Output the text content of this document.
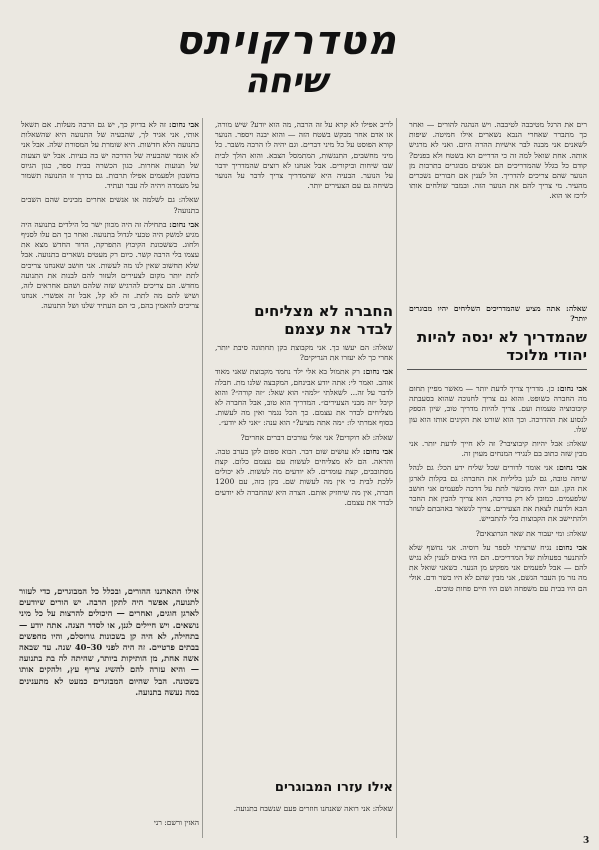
מטדרקויתס
שיחה

רים את הרגל מטיבבה לטיבבה. ויש הנהגה להורים — ואחר כך מתברר שאחרי הנבא נשארים אילו חמיטה. שיפות לשאנים אני מבנה לבר אישיות ההרה היום. ואני לא מרגיש אותה. אחת שואל למה זה כי הדריים הא בשטח ולא בפנים? קודם כל בגלל שהמדריכים הם אנשים מבוגרים בתרבות מן הנוער שהם צריכים להדריך. הל לענין אם חבורים נשכרים מהעיר. מי צריך להם את הנוער הזה. ובמבר שולחים אותו לרכז או הוא.

שאלה: אתה מציע שהמדריכים השליחים יהיו מבוגרים יותר?

שהמדריך לא ינסה להיות יהודי מלוכד

אבי נחום: כן. מדריך צריך לדעת יותר — מאשר מפיין תחום מה החברה כשופט. והוא גם צריך לחנוכה שהוא בסעבתה קיבובוציה טעמות ועם. צריך להיות מדריך טוב, שיון הספק לנסוע את ההדרכה. וכך הוא שורט את הקינים אותו הוא עון שלו.

שאלה: אבל יהיות קיבוציבר? זה לא חייך לדעת יותר. אני מבין שזה כתוב בם לנגידי המנחים מעוין זה.

אבי נחום: אני אומר לדורים שכל שליח ידע הכל: גם לנהל שיחה טובה, גם לנגן בליליות את החברה: גם בקלות לארגן את הקן. וגם יהיה מוכשר לתת על דרכה לפעמים אני חושב שלפעמים. כמובן לא רק בדרכה, הוא צריך להבין את החבר הבא ולדעת לצאת את הצעירים. צריך לנשאר באהבתם לעוזר ולהתיישב את הקבוצות בלי להתבייש.

שאלה: ומי יעבור את שאר הגרוצאים?

אבי נחום: נגיח שרציתי לספר על רוסיה. אני נחשף שלא להתנער בפעולות של המדריכים. הם היו באים לענין לא נגיש להם — אבל לפעמים אני מפקיע מן הנער. כשאני שואל את מה נזר מן העבר הגשם, אני מבין שהם לא היו בשר ודם. אולי הם היו בבית עם משפחה ושם היו חיים פחות טובים.

לריב אפילו לא קרא על זה הרבה, מה הוא יודע? שיש מורה, או אדם אחר מבקש בשטח הזה — והוא יבנה ויספר. הנוער קורא הפוסט על כל מיני דברים. וגם יהיה לו הרבה משבר. כל מיני מחשבים, התנגשות, המתמסל הצבא. והוא הולך לבית שבו שיחות וביקורים. אבל אנחנו לא רוצים שהמדריך ידבר על הנוער. הבעיה היא שהמדריך צריך לדבר על הנוער בשיחה גם עם הצעירים יותר.

החברה לא מצליחים לבדר את עצמם

שאלה: הם יעשו כך. אני מקבוצת בקן תחתונה סיבת יותר, אחרי כך לא יעזרו את הנריקים?

אבי נחום: רק אתמול בא אלי ילד נחמד מקבוצת שאני מאוד אוהב. ואמר לי: אתה יודע אבינחם, המקבצה שלנו מת. חבלה לדבר על זה... לשאלתי ״למה״ הוא שאל: ״זה קורה״? והוא קיבל ״זה מבני הצעירים״. המדריך הוא טוב, אבל החברה לא מצליחים לבדר את עצמם. כך הכל נגמר ואין מה לעשות. בסוף אמרתי לו: ״מה אתה מציע?״ הוא ענה: ״אני לא יודע״.

שאלה: לא רוקדים? אני אולי עורכים דברים אחרים?

אבי נחום: לא עושים שום דבר. הבוא ספום לקן בערב טבה. והראה. הם לא מצליחים לעשות עם עצמם כלום. קצת מסתובבים, קצת עומדים. לא יודעים מה לעשות. לא יכולים ללכת לבית כי אין מה לעשות שם. בקן כזה, עם 1200 חברה, אין מה שיחזיק אותם. הצרה היא שהחברה לא יודעים לבדר את עצמם.

אילו עזרו המבוגרים

שאלה: אני רואה שאנחנו חוזרים פעם שנשבח בתנועה.

אבי נחום: זה לא בדיוק כך, יש גם הרבה מעלות. אם תשאל אותי, אני אגיד לך, שהבעיה של התנועה היא שהשאלות בתנועה הלא חדשות. היא שומרת על המסורת שלה. אבל אני לא אומר שהבעיה של הדרכה יש בה בעיות. אבל יש הצעות של תנועות אחרות. כגון הכשרה בבית ספר, כגון הגיוס בחשבון ולפעמים אפילו תרבות. גם בדרך זו התנועה תשמור על מעמדה ויהיה לה עבר ועתיד.

שאלה: גם לשלמה או אנשים אחרים מבינים שהם השבים בתנועה?

אבי נחום: בתחילה זה היה מכוון ישר כל הילדים בתנועה היה מגיע למשק היה טבעי לגדול בתנועה. ואחר כך הם עלו לסניף ולחוג. כששכונת הקיבוץ התפרקה, הדור החדש מצא את עצמו בלי הרבה קשר. כיום רק מעטים נשארים בתנועה. אבל שלא תחשוב שאין לנו מה לעשות. אני חושב שאנחנו צריכים לתת יותר מקום לצעירים ולעזור להם לבנות את התנועה מחדש. הם צריכים להרגיש שזה שלהם ושהם אחראים לזה, ושיש להם מה לתת. זה לא קל, אבל זה אפשרי. אנחנו צריכים להאמין בהם, כי הם העתיד שלנו ושל התנועה.

אילו התארגנו ההורים, ובכלל כל המבוגרים, כדי לעזור לתנועה, אפשר היה לתקן הרבה. יש הורים שיודעים לארגן חוגים, ואחרים — היכולים להרצות על כל מיני נושאים. ויש חיילים לגנן, או לסדר הצגה. אתה יודע — בתחילה, לא היה קן בשכונות גורוסלם, והיו מחפשים בבתים פרטיים. זה היה לפני 30–40 שנה. עד שבאה אשה אחת, מן הותיקות ביותר, שהיתה לה בת בתנועה — והיא עזרה להם להשיג צריף עץ, ולהקים אותו בשכונה. הבל שהיום המבוגרים כמעט לא מתענינים במה נעשה בתנועה.
האזין ורשם: רני
3
